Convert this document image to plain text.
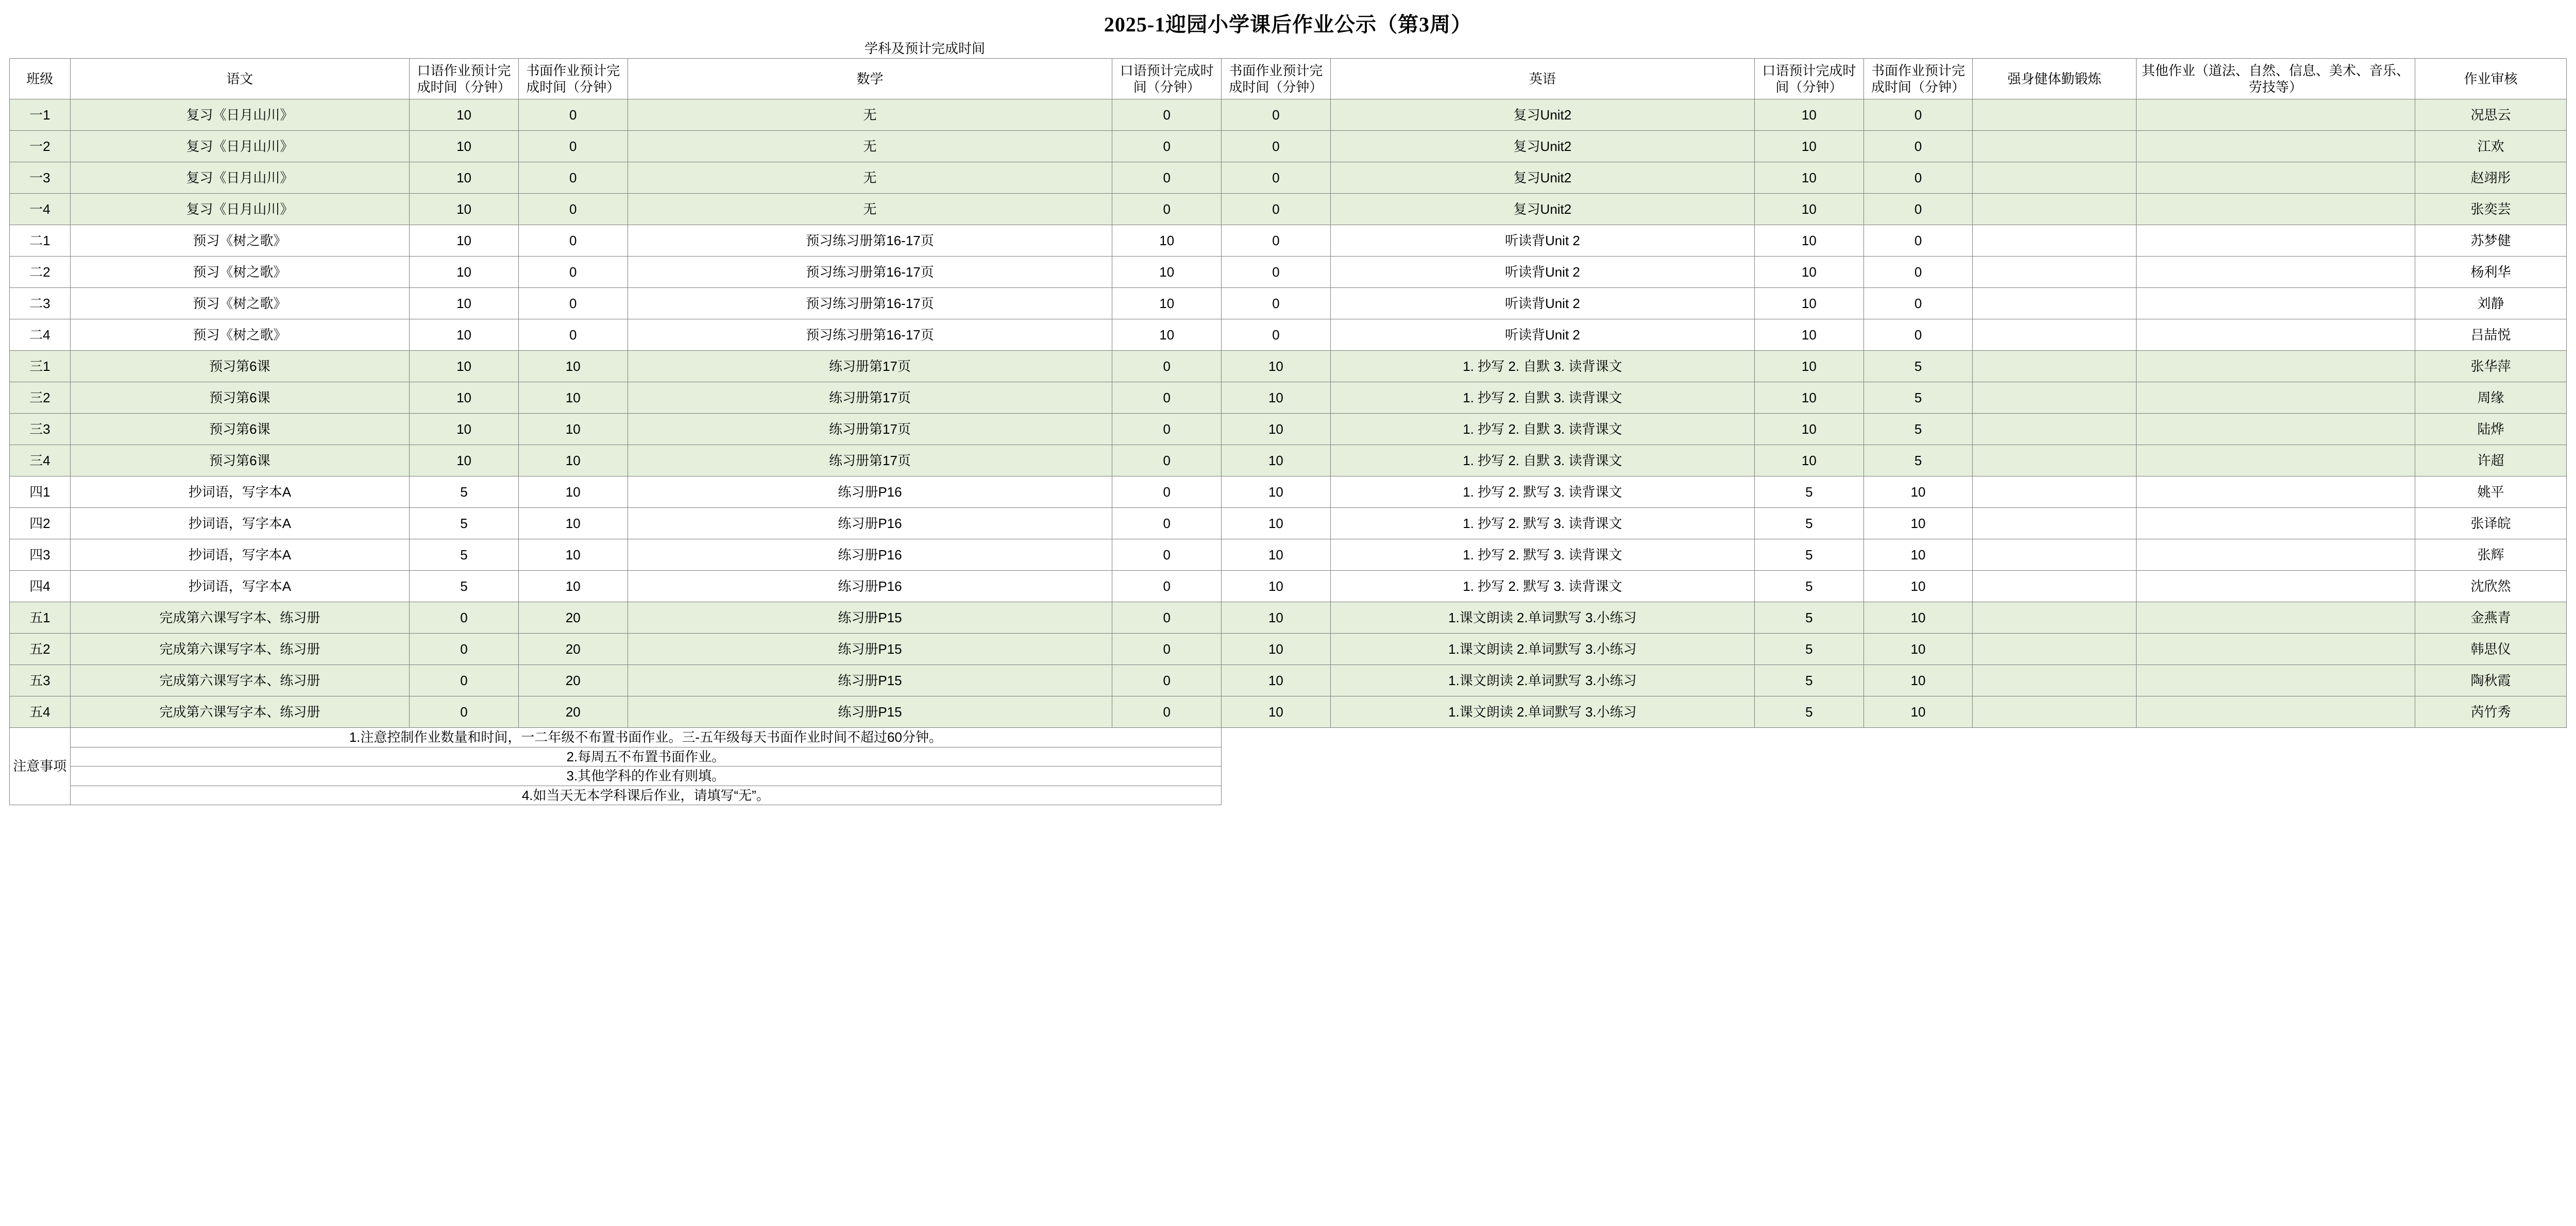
2025-1迎园小学课后作业公示（第3周）
学科及预计完成时间
班级	语文	口语作业预计完成时间（分钟）	书面作业预计完成时间（分钟）	数学	口语预计完成时间（分钟）	书面作业预计完成时间（分钟）	英语	口语预计完成时间（分钟）	书面作业预计完成时间（分钟）	强身健体勤锻炼	其他作业（道法、自然、信息、美术、音乐、劳技等）	作业审核
一1	复习《日月山川》	10	0	无	0	0	复习Unit2	10	0			况思云
一2	复习《日月山川》	10	0	无	0	0	复习Unit2	10	0			江欢
一3	复习《日月山川》	10	0	无	0	0	复习Unit2	10	0			赵翊彤
一4	复习《日月山川》	10	0	无	0	0	复习Unit2	10	0			张奕芸
二1	预习《树之歌》	10	0	预习练习册第16-17页	10	0	听读背Unit 2	10	0			苏梦健
二2	预习《树之歌》	10	0	预习练习册第16-17页	10	0	听读背Unit 2	10	0			杨利华
二3	预习《树之歌》	10	0	预习练习册第16-17页	10	0	听读背Unit 2	10	0			刘静
二4	预习《树之歌》	10	0	预习练习册第16-17页	10	0	听读背Unit 2	10	0			吕喆悦
三1	预习第6课	10	10	练习册第17页	0	10	1. 抄写 2. 自默 3. 读背课文	10	5			张华萍
三2	预习第6课	10	10	练习册第17页	0	10	1. 抄写 2. 自默 3. 读背课文	10	5			周缘
三3	预习第6课	10	10	练习册第17页	0	10	1. 抄写 2. 自默 3. 读背课文	10	5			陆烨
三4	预习第6课	10	10	练习册第17页	0	10	1. 抄写 2. 自默 3. 读背课文	10	5			许超
四1	抄词语，写字本A	5	10	练习册P16	0	10	1. 抄写 2. 默写 3. 读背课文	5	10			姚平
四2	抄词语，写字本A	5	10	练习册P16	0	10	1. 抄写 2. 默写 3. 读背课文	5	10			张译皖
四3	抄词语，写字本A	5	10	练习册P16	0	10	1. 抄写 2. 默写 3. 读背课文	5	10			张辉
四4	抄词语，写字本A	5	10	练习册P16	0	10	1. 抄写 2. 默写 3. 读背课文	5	10			沈欣然
五1	完成第六课写字本、练习册	0	20	练习册P15	0	10	1.课文朗读 2.单词默写 3.小练习	5	10			金燕青
五2	完成第六课写字本、练习册	0	20	练习册P15	0	10	1.课文朗读 2.单词默写 3.小练习	5	10			韩思仪
五3	完成第六课写字本、练习册	0	20	练习册P15	0	10	1.课文朗读 2.单词默写 3.小练习	5	10			陶秋霞
五4	完成第六课写字本、练习册	0	20	练习册P15	0	10	1.课文朗读 2.单词默写 3.小练习	5	10			芮竹秀
注意事项	1.注意控制作业数量和时间，一二年级不布置书面作业。三-五年级每天书面作业时间不超过60分钟。											
	2.每周五不布置书面作业。											
	3.其他学科的作业有则填。											
	4.如当天无本学科课后作业，请填写“无”。											
